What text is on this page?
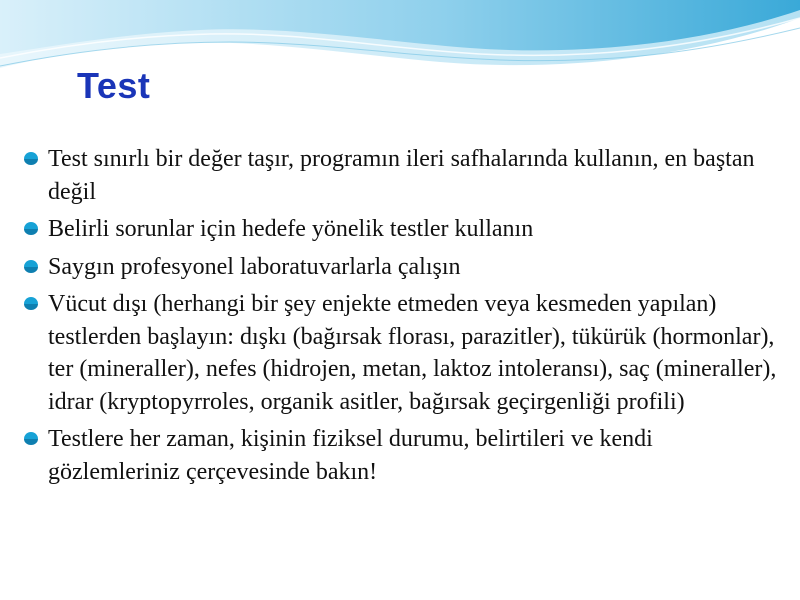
Test
Test sınırlı bir değer taşır, programın ileri safhalarında kullanın, en baştan değil
Belirli sorunlar için hedefe yönelik testler kullanın
Saygın profesyonel laboratuvarlarla çalışın
Vücut dışı (herhangi bir şey enjekte etmeden veya kesmeden yapılan) testlerden başlayın: dışkı (bağırsak florası, parazitler), tükürük (hormonlar), ter (mineraller), nefes (hidrojen, metan, laktoz intoleransı), saç (mineraller), idrar (kryptopyrroles, organik asitler, bağırsak geçirgenliği profili)
Testlere her zaman, kişinin fiziksel durumu, belirtileri ve kendi gözlemleriniz çerçevesinde bakın!
